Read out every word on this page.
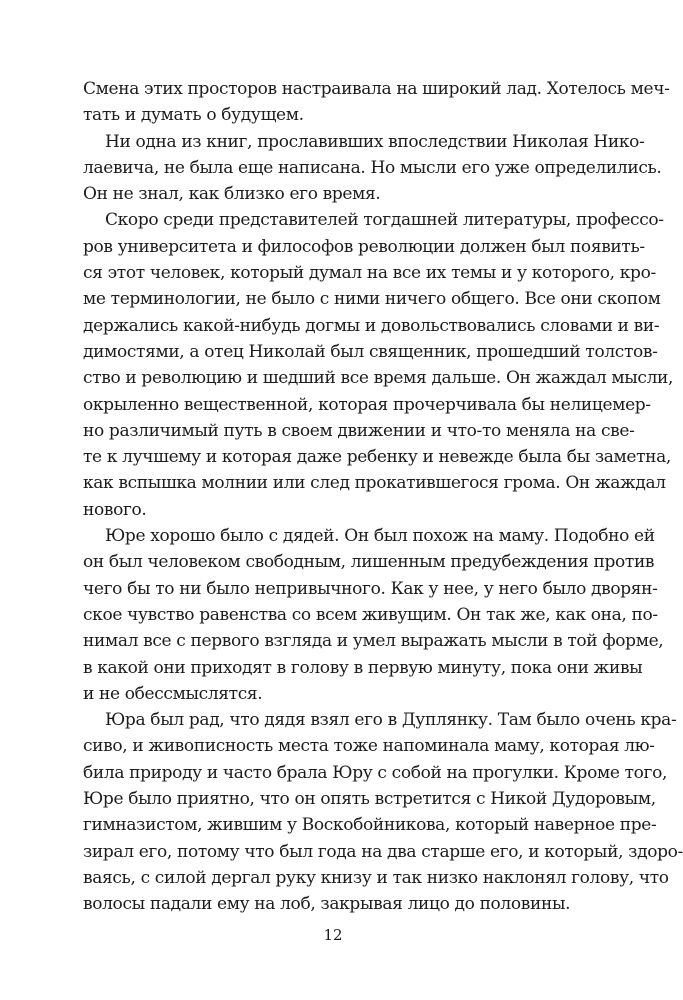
Смена этих просторов настраивала на широкий лад. Хотелось меч-
тать и думать о будущем.
Ни одна из книг, прославивших впоследствии Николая Нико-
лаевича, не была еще написана. Но мысли его уже определились.
Он не знал, как близко его время.
Скоро среди представителей тогдашней литературы, профессо-
ров университета и философов революции должен был появить-
ся этот человек, который думал на все их темы и у которого, кро-
ме терминологии, не было с ними ничего общего. Все они скопом
держались какой-нибудь догмы и довольствовались словами и ви-
димостями, а отец Николай был священник, прошедший толстов-
ство и революцию и шедший все время дальше. Он жаждал мысли,
окрыленно вещественной, которая прочерчивала бы нелицемер-
но различимый путь в своем движении и что-то меняла на све-
те к лучшему и которая даже ребенку и невежде была бы заметна,
как вспышка молнии или след прокатившегося грома. Он жаждал
нового.
Юре хорошо было с дядей. Он был похож на маму. Подобно ей
он был человеком свободным, лишенным предубеждения против
чего бы то ни было непривычного. Как у нее, у него было дворян-
ское чувство равенства со всем живущим. Он так же, как она, по-
нимал все с первого взгляда и умел выражать мысли в той форме,
в какой они приходят в голову в первую минуту, пока они живы
и не обессмыслятся.
Юра был рад, что дядя взял его в Дуплянку. Там было очень кра-
сиво, и живописность места тоже напоминала маму, которая лю-
била природу и часто брала Юру с собой на прогулки. Кроме того,
Юре было приятно, что он опять встретится с Никой Дудоровым,
гимназистом, жившим у Воскобойникова, который наверное пре-
зирал его, потому что был года на два старше его, и который, здоро-
ваясь, с силой дергал руку книзу и так низко наклонял голову, что
волосы падали ему на лоб, закрывая лицо до половины.
12
